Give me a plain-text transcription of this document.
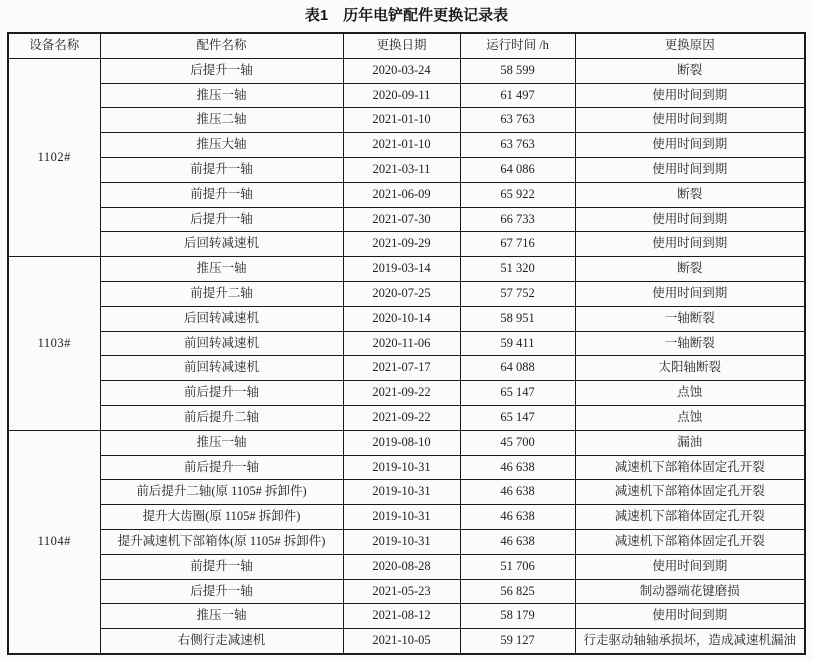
表1　历年电铲配件更换记录表
设备名称	配件名称	更换日期	运行时间 /h	更换原因
1102#	后提升一轴	2020-03-24	58 599	断裂
	推压一轴	2020-09-11	61 497	使用时间到期
	推压二轴	2021-01-10	63 763	使用时间到期
	推压大轴	2021-01-10	63 763	使用时间到期
	前提升一轴	2021-03-11	64 086	使用时间到期
	前提升一轴	2021-06-09	65 922	断裂
	后提升一轴	2021-07-30	66 733	使用时间到期
	后回转减速机	2021-09-29	67 716	使用时间到期
1103#	推压一轴	2019-03-14	51 320	断裂
	前提升二轴	2020-07-25	57 752	使用时间到期
	后回转减速机	2020-10-14	58 951	一轴断裂
	前回转减速机	2020-11-06	59 411	一轴断裂
	前回转减速机	2021-07-17	64 088	太阳轴断裂
	前后提升一轴	2021-09-22	65 147	点蚀
	前后提升二轴	2021-09-22	65 147	点蚀
1104#	推压一轴	2019-08-10	45 700	漏油
	前后提升一轴	2019-10-31	46 638	减速机下部箱体固定孔开裂
	前后提升二轴(原 1105# 拆卸件)	2019-10-31	46 638	减速机下部箱体固定孔开裂
	提升大齿圈(原 1105# 拆卸件)	2019-10-31	46 638	减速机下部箱体固定孔开裂
	提升减速机下部箱体(原 1105# 拆卸件)	2019-10-31	46 638	减速机下部箱体固定孔开裂
	前提升一轴	2020-08-28	51 706	使用时间到期
	后提升一轴	2021-05-23	56 825	制动器端花键磨损
	推压一轴	2021-08-12	58 179	使用时间到期
	右侧行走减速机	2021-10-05	59 127	行走驱动轴轴承损坏，造成减速机漏油
